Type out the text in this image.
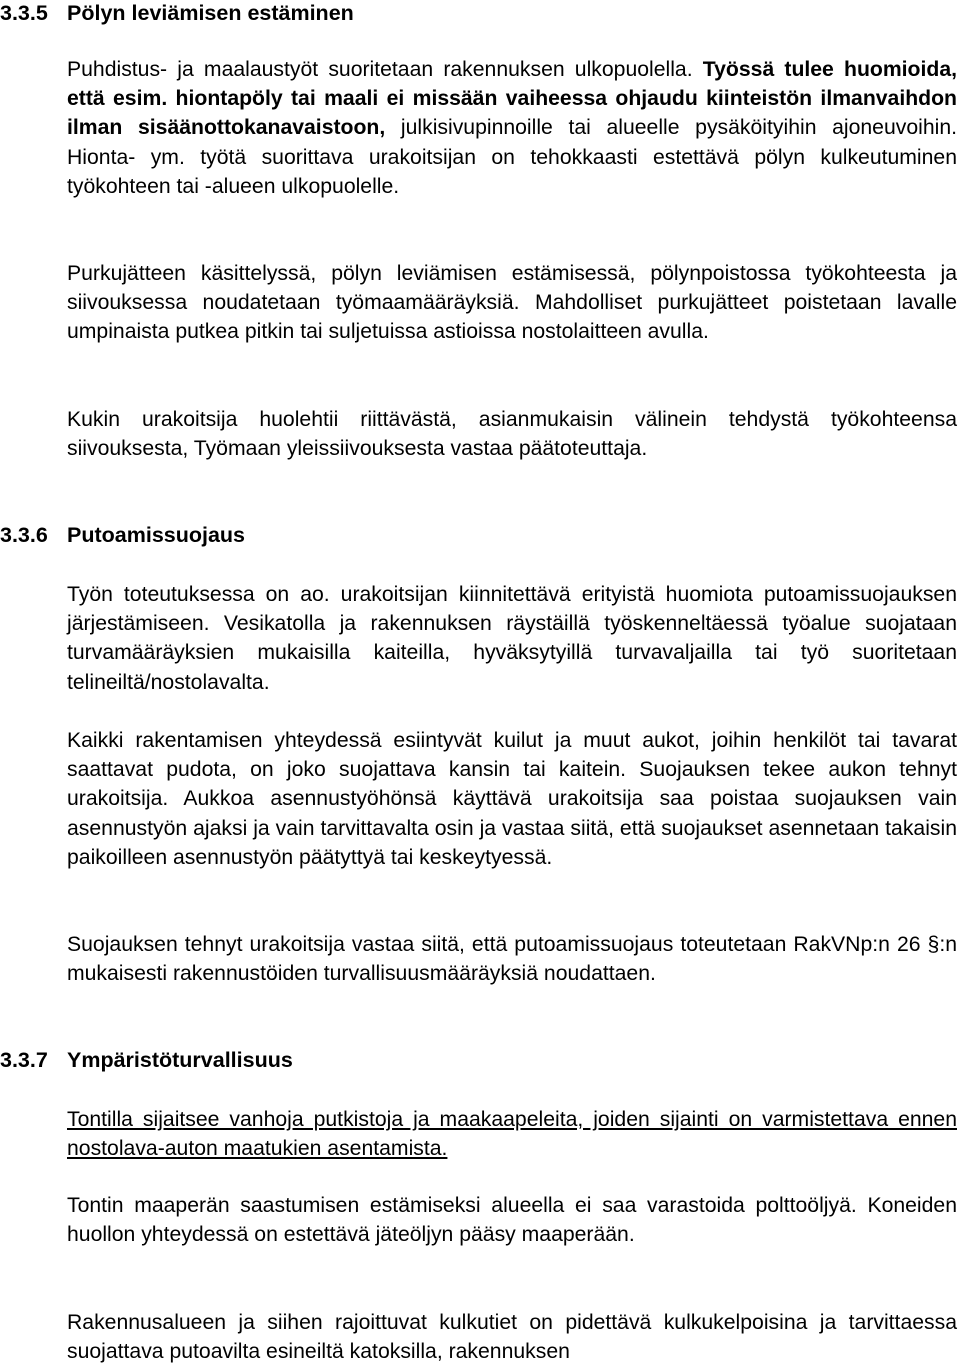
3.3.5 Pölyn leviämisen estäminen

Puhdistus- ja maalaustyöt suoritetaan rakennuksen ulkopuolella. Työssä tulee huomioida, että esim. hiontapöly tai maali ei missään vaiheessa ohjaudu kiinteistön ilmanvaihdon ilman sisäänottokanavaistoon, julkisivupinnoille tai alueelle pysäköityihin ajoneuvoihin. Hionta- ym. työtä suorittava urakoitsijan on tehokkaasti estettävä pölyn kulkeutuminen työkohteen tai -alueen ulkopuolelle.

Purkujätteen käsittelyssä, pölyn leviämisen estämisessä, pölynpoistossa työkohteesta ja siivouksessa noudatetaan työmaamääräyksiä. Mahdolliset purkujätteet poistetaan lavalle umpinaista putkea pitkin tai suljetuissa astioissa nostolaitteen avulla.

Kukin urakoitsija huolehtii riittävästä, asianmukaisin välinein tehdystä työkohteensa siivouksesta, Työmaan yleissiivouksesta vastaa päätoteuttaja.

3.3.6 Putoamissuojaus

Työn toteutuksessa on ao. urakoitsijan kiinnitettävä erityistä huomiota putoamissuojauksen järjestämiseen. Vesikatolla ja rakennuksen räystäillä työskenneltäessä työalue suojataan turvamääräyksien mukaisilla kaiteilla, hyväksytyillä turvavaljailla tai työ suoritetaan telineiltä/nostolavalta.

Kaikki rakentamisen yhteydessä esiintyvät kuilut ja muut aukot, joihin henkilöt tai tavarat saattavat pudota, on joko suojattava kansin tai kaitein. Suojauksen tekee aukon tehnyt urakoitsija. Aukkoa asennustyöhönsä käyttävä urakoitsija saa poistaa suojauksen vain asennustyön ajaksi ja vain tarvittavalta osin ja vastaa siitä, että suojaukset asennetaan takaisin paikoilleen asennustyön päätyttyä tai keskeytyessä.

Suojauksen tehnyt urakoitsija vastaa siitä, että putoamissuojaus toteutetaan RakVNp:n 26 §:n mukaisesti rakennustöiden turvallisuusmääräyksiä noudattaen.

3.3.7 Ympäristöturvallisuus

Tontilla sijaitsee vanhoja putkistoja ja maakaapeleita, joiden sijainti on varmistettava ennen nostolava-auton maatukien asentamista.

Tontin maaperän saastumisen estämiseksi alueella ei saa varastoida polttoöljyä. Koneiden huollon yhteydessä on estettävä jäteöljyn pääsy maaperään.

Rakennusalueen ja siihen rajoittuvat kulkutiet on pidettävä kulkukelpoisina ja tarvittaessa suojattava putoavilta esineiltä katoksilla, rakennuksen
